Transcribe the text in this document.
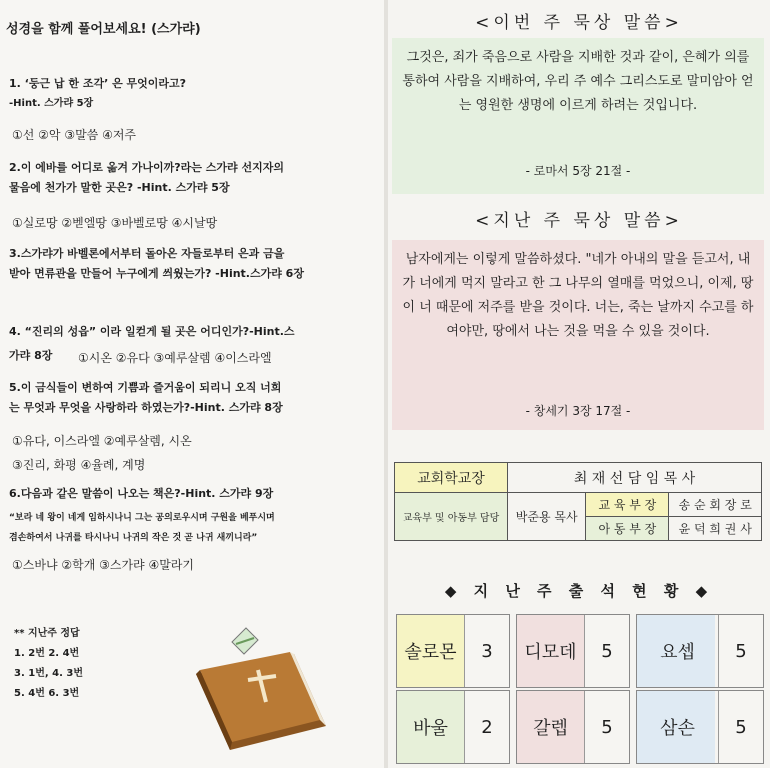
성경을 함께 풀어보세요! (스가랴)
1. ‘둥근 납 한 조각’ 은 무엇이라고?
-Hint. 스가랴 5장
①선 ②악 ③말씀 ④저주
2.이 에바를 어디로 옮겨 가나이까?라는 스가랴 선지자의
물음에 천가가 말한 곳은? -Hint. 스가랴 5장
①실로땅 ②벧엘땅 ③바벨로땅 ④시날땅
3.스가랴가 바벨론에서부터 돌아온 자들로부터 은과 금을
받아 면류관을 만들어 누구에게 씌웠는가? -Hint.스가랴 6장
4. “진리의 성읍” 이라 일컫게 될 곳은 어디인가?-Hint.스
가랴 8장	①시온 ②유다 ③예루살렘 ④이스라엘
5.이 금식들이 변하여 기쁨과 즐거움이 되리니 오직 너희
는 무엇과 무엇을 사랑하라 하였는가?-Hint. 스가랴 8장
①유다, 이스라엘 ②예루살렘, 시온
③진리, 화평 ④율례, 계명
6.다음과 같은 말씀이 나오는 책은?-Hint. 스가랴 9장
“보라 네 왕이 네게 임하시나니 그는 공의로우시며 구원을 베푸시며
겸손하여서 나귀를 타시나니 나귀의 작은 것 곧 나귀 새끼니라”
①스바냐 ②학개 ③스가랴 ④말라기
** 지난주 정답
1. 2번 2. 4번
3. 1번, 4. 3번
5. 4번 6. 3번
<이번 주 묵상 말씀>
그것은, 죄가 죽음으로 사람을 지배한 것과 같이, 은혜가 의를 통하여 사람을 지배하여, 우리 주 예수 그리스도로 말미암아 얻는 영원한 생명에 이르게 하려는 것입니다.
- 로마서 5장 21절 -
<지난 주 묵상 말씀>
남자에게는 이렇게 말씀하셨다. "네가 아내의 말을 듣고서, 내가 너에게 먹지 말라고 한 그 나무의 열매를 먹었으니, 이제, 땅이 너 때문에 저주를 받을 것이다. 너는, 죽는 날까지 수고를 하여야만, 땅에서 나는 것을 먹을 수 있을 것이다.
- 창세기 3장 17절 -
교회학교장	최 재 선 담 임 목 사		
교육부 및 아동부 담당	박준용 목사	교 육 부 장	송 순 회 장 로
		아 동 부 장	윤 덕 희 권 사
◆ 지 난 주 출 석 현 황 ◆
솔로몬	3	디모데	5	요셉	5
바울	2	갈렙	5	삼손	5
